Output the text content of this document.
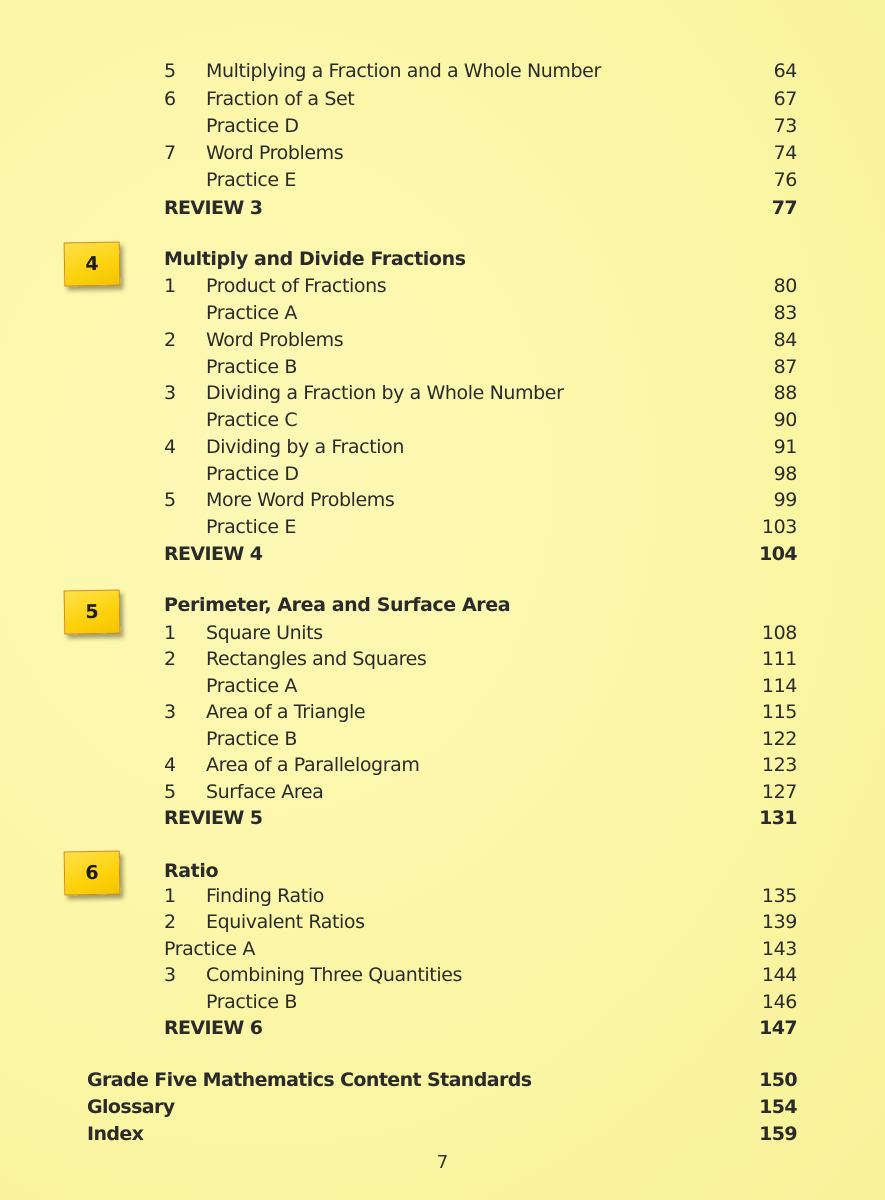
5 Multiplying a Fraction and a Whole Number	64
6 Fraction of a Set	67
Practice D	73
7 Word Problems	74
Practice E	76
REVIEW 3	77
4	Multiply and Divide Fractions
1 Product of Fractions	80
Practice A	83
2 Word Problems	84
Practice B	87
3 Dividing a Fraction by a Whole Number	88
Practice C	90
4 Dividing by a Fraction	91
Practice D	98
5 More Word Problems	99
Practice E	103
REVIEW 4	104
5	Perimeter, Area and Surface Area
1 Square Units	108
2 Rectangles and Squares	111
Practice A	114
3 Area of a Triangle	115
Practice B	122
4 Area of a Parallelogram	123
5 Surface Area	127
REVIEW 5	131
6	Ratio
1 Finding Ratio	135
2 Equivalent Ratios	139
Practice A	143
3 Combining Three Quantities	144
Practice B	146
REVIEW 6	147
Grade Five Mathematics Content Standards	150
Glossary	154
Index	159
7
